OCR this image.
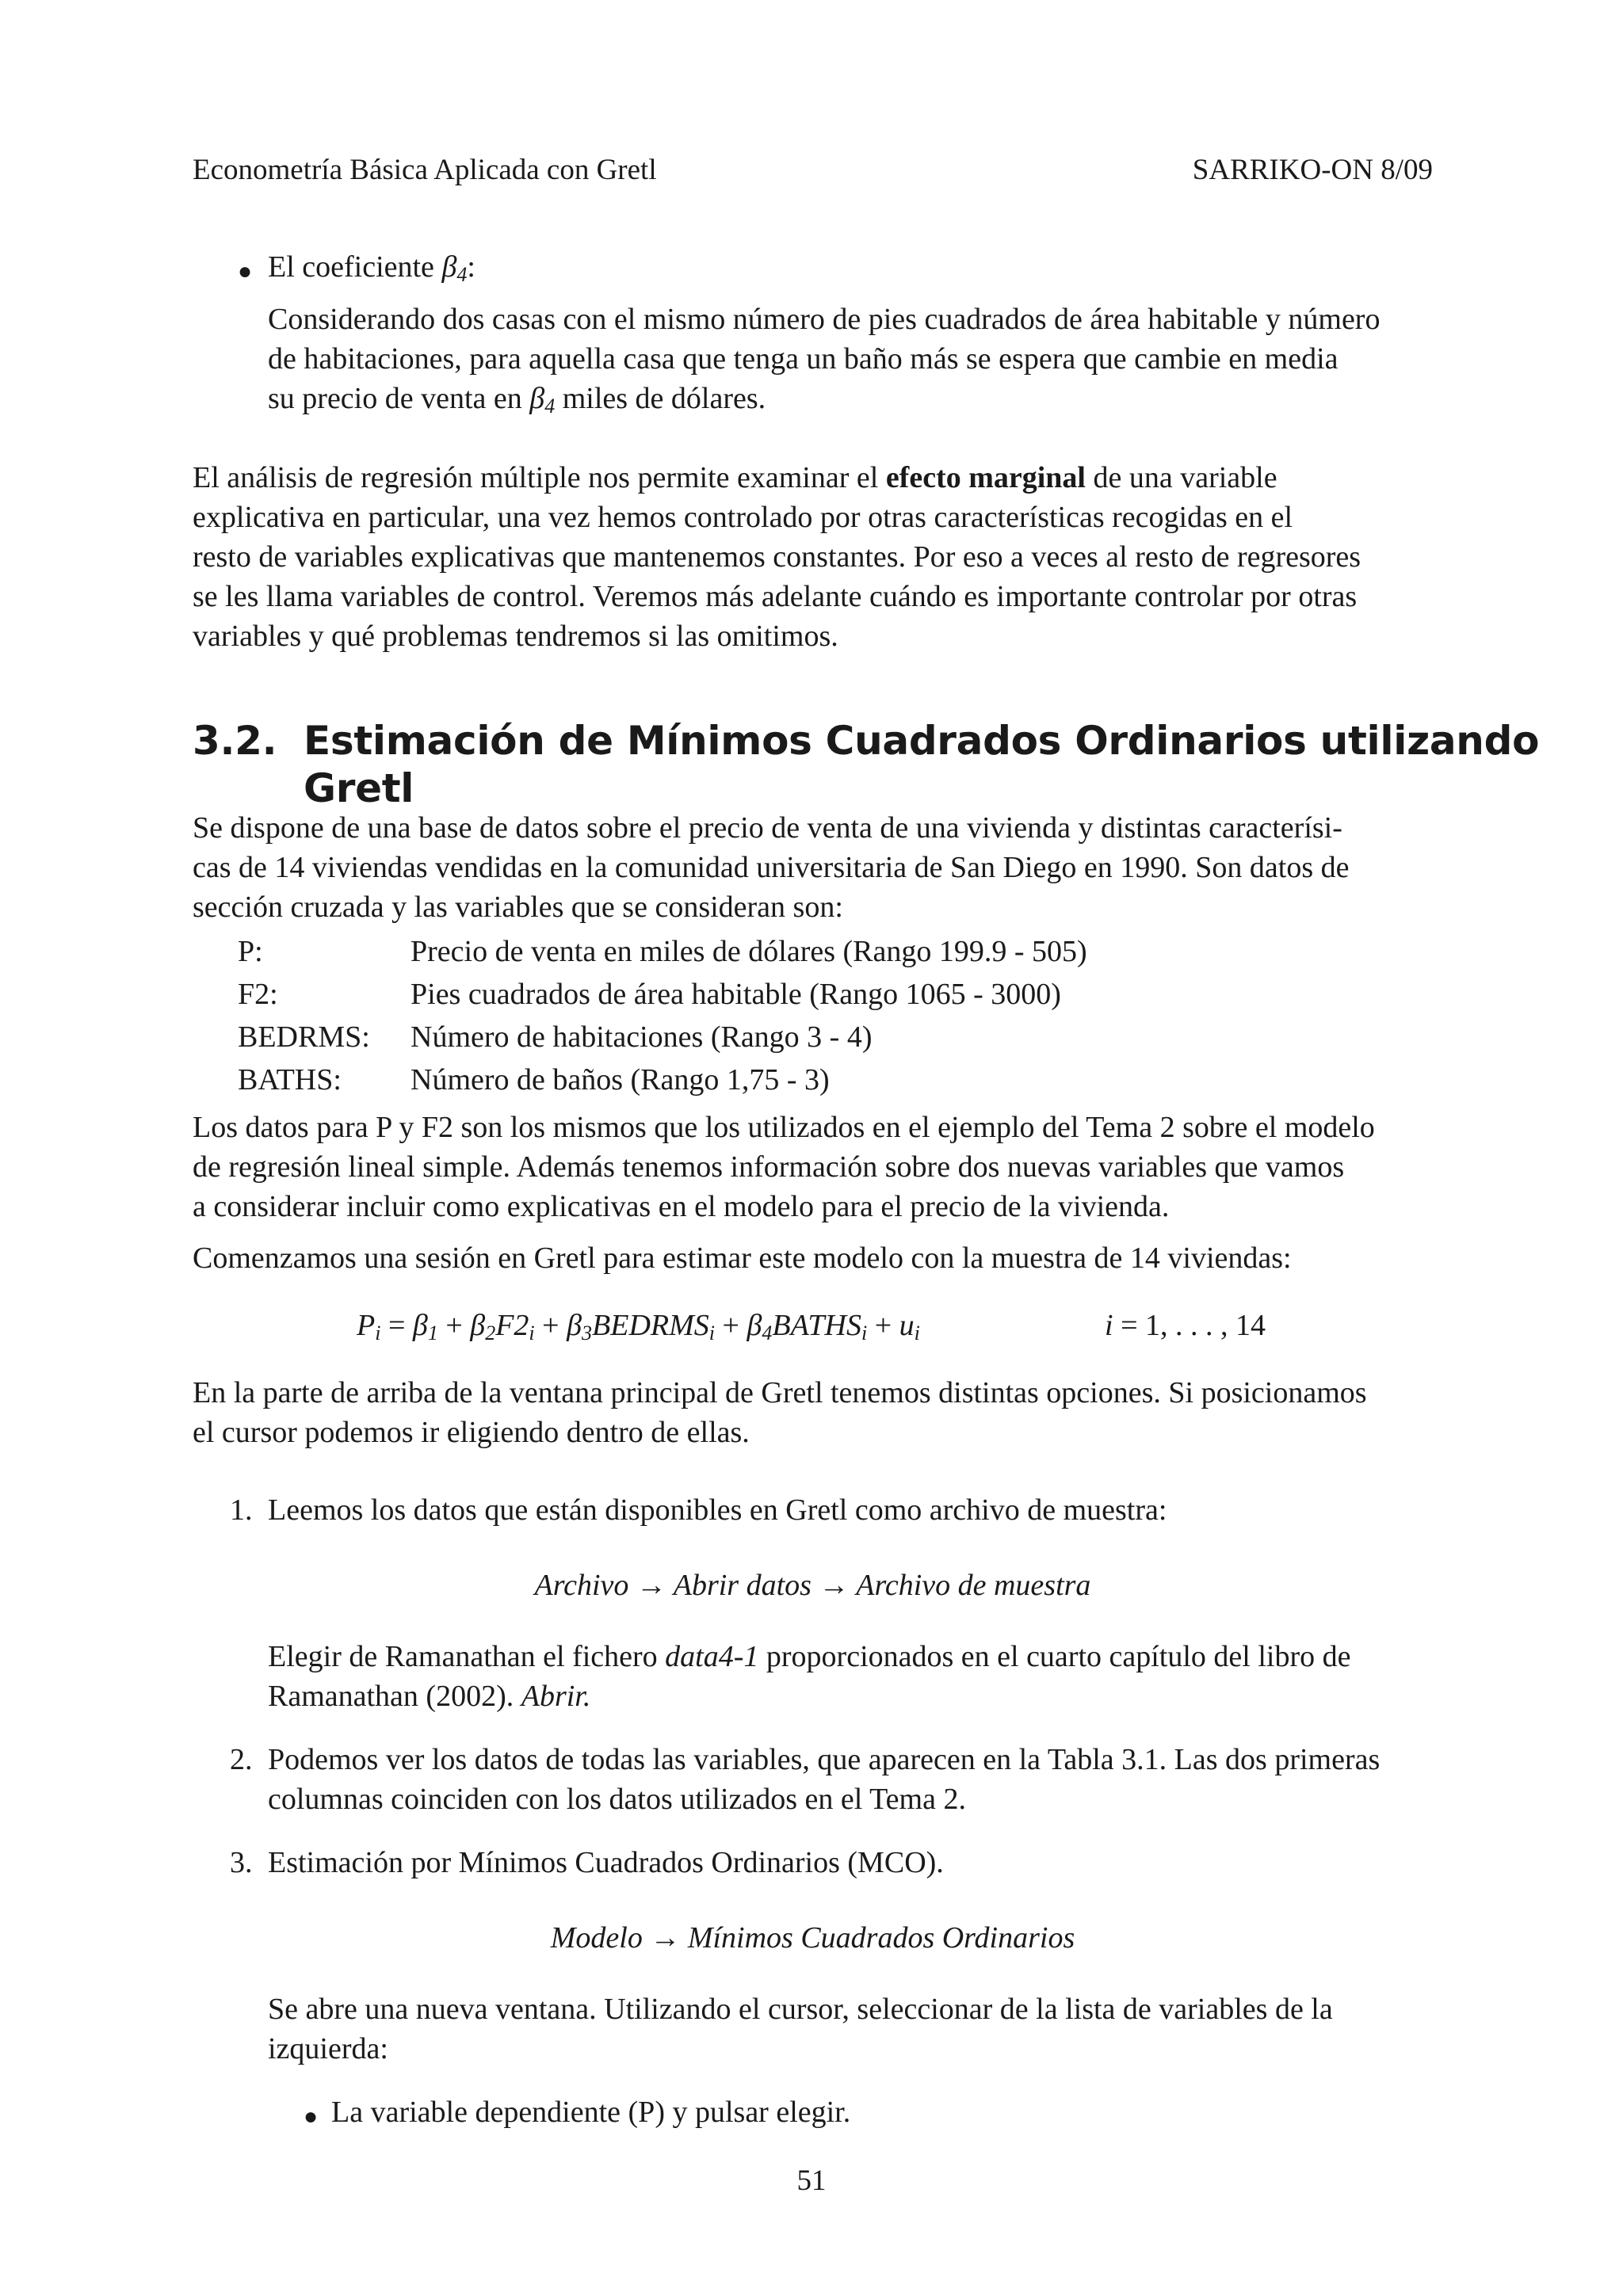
Econometría Básica Aplicada con Gretl	SARRIKO-ON 8/09
● El coeficiente $\beta_4$:
Considerando dos casas con el mismo número de pies cuadrados de área habitable y número
de habitaciones, para aquella casa que tenga un baño más se espera que cambie en media
su precio de venta en $\beta_4$ miles de dólares.
El análisis de regresión múltiple nos permite examinar el efecto marginal de una variable
explicativa en particular, una vez hemos controlado por otras características recogidas en el
resto de variables explicativas que mantenemos constantes. Por eso a veces al resto de regresores
se les llama variables de control. Veremos más adelante cuándo es importante controlar por otras
variables y qué problemas tendremos si las omitimos.
3.2. Estimación de Mínimos Cuadrados Ordinarios utilizando Gretl
Se dispone de una base de datos sobre el precio de venta de una vivienda y distintas caracterísi-
cas de 14 viviendas vendidas en la comunidad universitaria de San Diego en 1990. Son datos de
sección cruzada y las variables que se consideran son:
P:	Precio de venta en miles de dólares (Rango 199.9 - 505)
F2:	Pies cuadrados de área habitable (Rango 1065 - 3000)
BEDRMS: Número de habitaciones (Rango 3 - 4)
BATHS: Número de baños (Rango 1,75 - 3)
Los datos para P y F2 son los mismos que los utilizados en el ejemplo del Tema 2 sobre el modelo
de regresión lineal simple. Además tenemos información sobre dos nuevas variables que vamos
a considerar incluir como explicativas en el modelo para el precio de la vivienda.
Comenzamos una sesión en Gretl para estimar este modelo con la muestra de 14 viviendas:
$P_i = \beta_1 + \beta_2F2_i$ + $\beta_3BEDRMS_i$ + $\beta_4BATHS_i + u_i$	i = 1, . . . , 14
En la parte de arriba de la ventana principal de Gretl tenemos distintas opciones. Si posicionamos
el cursor podemos ir eligiendo dentro de ellas.
1. Leemos los datos que están disponibles en Gretl como archivo de muestra:
Archivo → Abrir datos → Archivo de muestra
Elegir de Ramanathan el fichero data4-1 proporcionados en el cuarto capítulo del libro de
Ramanathan (2002). Abrir.
2. Podemos ver los datos de todas las variables, que aparecen en la Tabla 3.1. Las dos primeras
columnas coinciden con los datos utilizados en el Tema 2.
3. Estimación por Mínimos Cuadrados Ordinarios (MCO).
Modelo → Mínimos Cuadrados Ordinarios
Se abre una nueva ventana. Utilizando el cursor, seleccionar de la lista de variables de la
izquierda:
● La variable dependiente (P) y pulsar elegir.
51
